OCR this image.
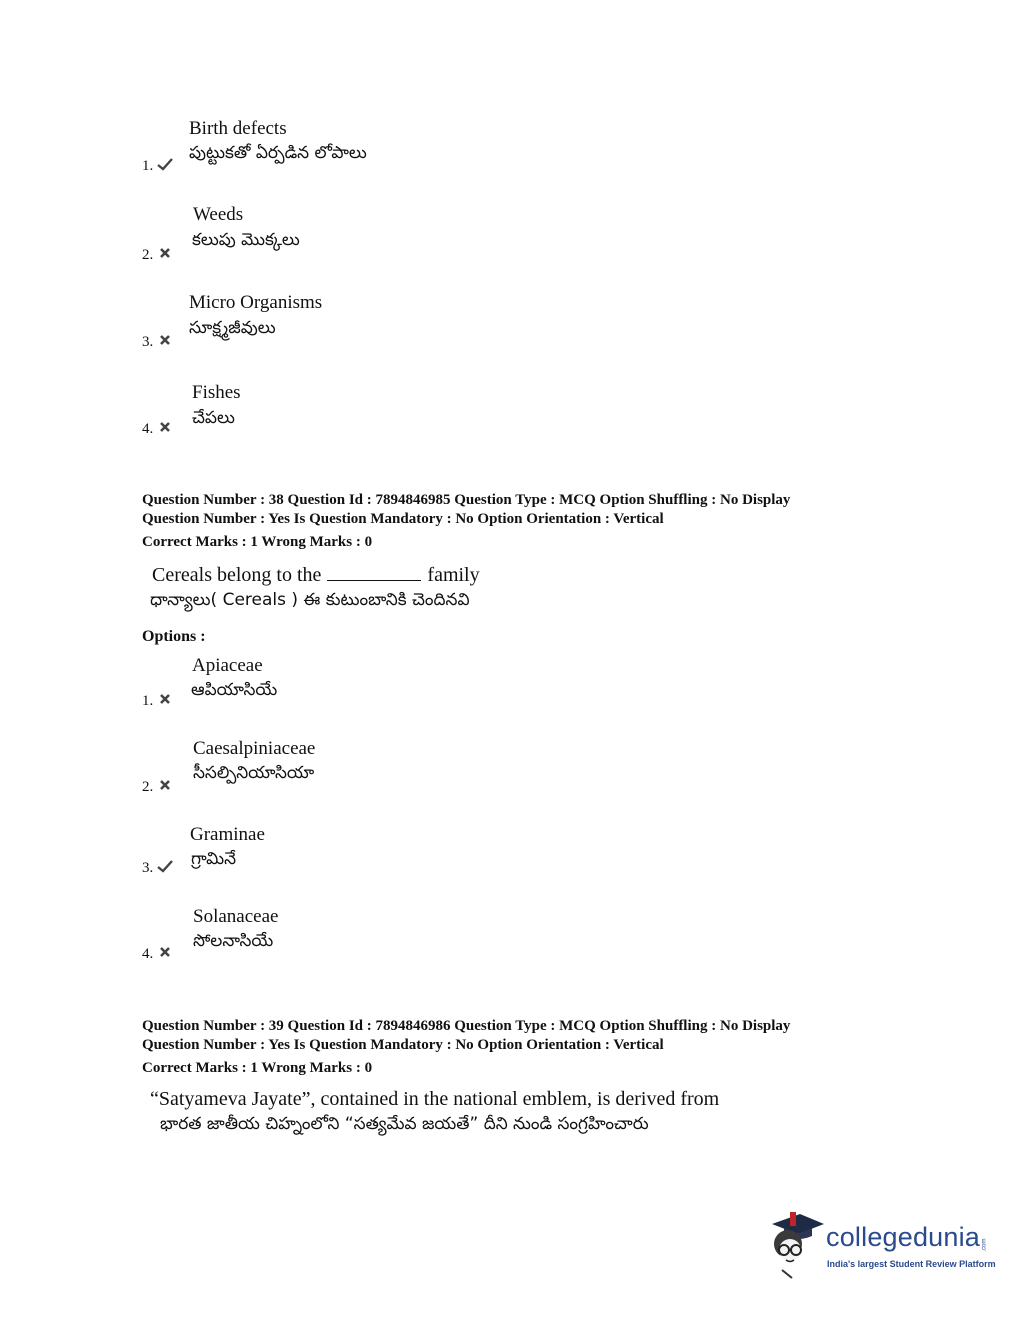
Birth defects
పుట్టుకతో ఏర్పడిన లోపాలు
1.
Weeds
కలుపు మొక్కలు
2.
Micro Organisms
సూక్ష్మజీవులు
3.
Fishes
చేపలు
4.
Question Number : 38 Question Id : 7894846985 Question Type : MCQ Option Shuffling : No Display
Question Number : Yes Is Question Mandatory : No Option Orientation : Vertical
Correct Marks : 1 Wrong Marks : 0
Cereals belong to the	family
ధాన్యాలు( Cereals ) ఈ కుటుంబానికి చెందినవి
Options :
Apiaceae
ఆపియాసియే
1.
Caesalpiniaceae
సీసల్పినియాసియా
2.
Graminae
గ్రామినే
3.
Solanaceae
సోలనాసియే
4.
Question Number : 39 Question Id : 7894846986 Question Type : MCQ Option Shuffling : No Display
Question Number : Yes Is Question Mandatory : No Option Orientation : Vertical
Correct Marks : 1 Wrong Marks : 0
“Satyameva Jayate”, contained in the national emblem, is derived from
భారత జాతీయ చిహ్నంలోని “సత్యమేవ జయతే” దీని నుండి సంగ్రహించారు
collegedunia .com
India's largest Student Review Platform
